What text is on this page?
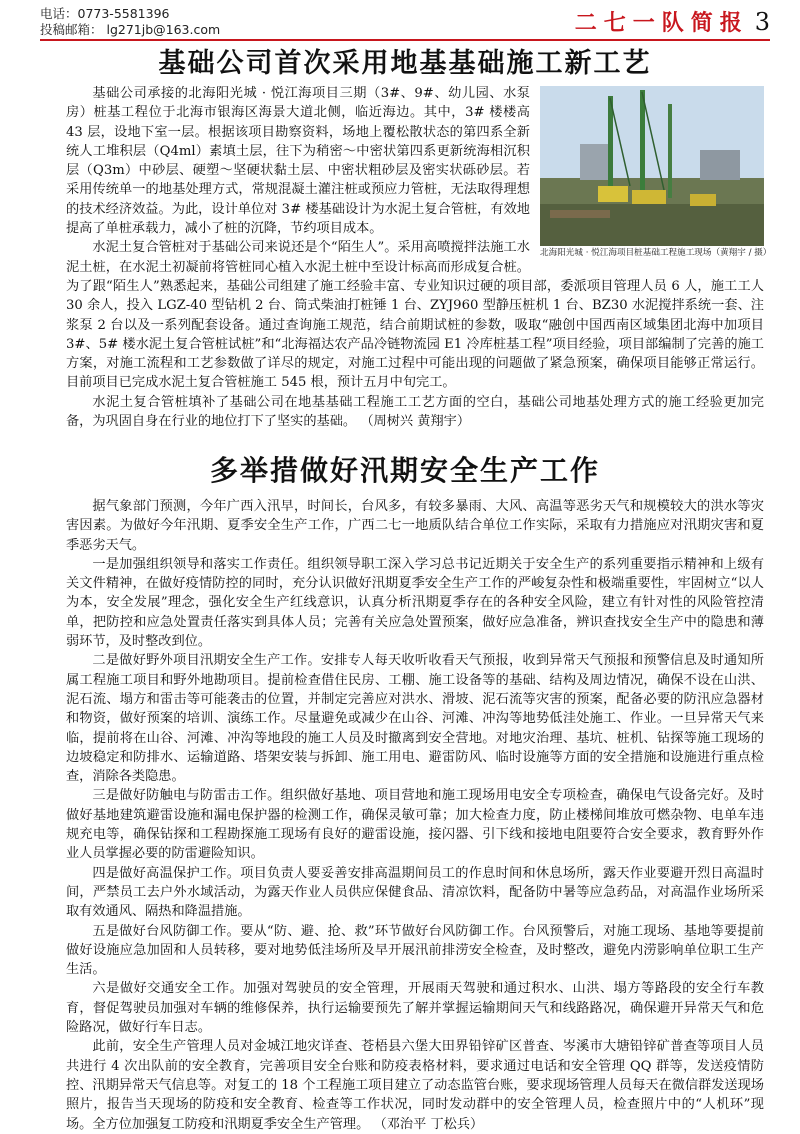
电话：0773-5581396
投稿邮箱： lg271jb@163.com	二七一队简报 3
基础公司首次采用地基基础施工新工艺
北海阳光城 · 悦江海项目桩基础工程施工现场（黄翔宇 / 摄）

基础公司承接的北海阳光城 · 悦江海项目三期（3#、9#、幼儿园、水泵房）桩基工程位于北海市银海区海景大道北侧，临近海边。其中，3# 楼楼高 43 层，设地下室一层。根据该项目勘察资料，场地上覆松散状态的第四系全新统人工堆积层（Q4ml）素填土层，往下为稍密～中密状第四系更新统海相沉积层（Q3m）中砂层、硬塑～坚硬状黏土层、中密状粗砂层及密实状砾砂层。若采用传统单一的地基处理方式，常规混凝土灌注桩或预应力管桩，无法取得理想的技术经济效益。为此，设计单位对 3# 楼基础设计为水泥土复合管桩，有效地提高了单桩承载力，减小了桩的沉降，节约项目成本。

水泥土复合管桩对于基础公司来说还是个“陌生人”。采用高喷搅拌法施工水泥土桩，在水泥土初凝前将管桩同心植入水泥土桩中至设计标高而形成复合桩。为了跟“陌生人”熟悉起来，基础公司组建了施工经验丰富、专业知识过硬的项目部，委派项目管理人员 6 人，施工工人 30 余人，投入 LGZ-40 型钻机 2 台、筒式柴油打桩锤 1 台、ZYJ960 型静压桩机 1 台、BZ30 水泥搅拌系统一套、注浆泵 2 台以及一系列配套设备。通过查询施工规范，结合前期试桩的参数，吸取“融创中国西南区域集团北海中加项目 3#、5# 楼水泥土复合管桩试桩”和“北海福达农产品冷链物流园 E1 冷库桩基工程”项目经验，项目部编制了完善的施工方案，对施工流程和工艺参数做了详尽的规定，对施工过程中可能出现的问题做了紧急预案，确保项目能够正常运行。目前项目已完成水泥土复合管桩施工 545 根，预计五月中旬完工。

水泥土复合管桩填补了基础公司在地基基础工程施工工艺方面的空白，基础公司地基处理方式的施工经验更加完备，为巩固自身在行业的地位打下了坚实的基础。 （周树兴 黄翔宇）

多举措做好汛期安全生产工作

据气象部门预测，今年广西入汛早，时间长，台风多，有较多暴雨、大风、高温等恶劣天气和规模较大的洪水等灾害因素。为做好今年汛期、夏季安全生产工作，广西二七一地质队结合单位工作实际，采取有力措施应对汛期灾害和夏季恶劣天气。

一是加强组织领导和落实工作责任。组织领导职工深入学习总书记近期关于安全生产的系列重要指示精神和上级有关文件精神，在做好疫情防控的同时，充分认识做好汛期夏季安全生产工作的严峻复杂性和极端重要性，牢固树立“以人为本，安全发展”理念，强化安全生产红线意识，认真分析汛期夏季存在的各种安全风险，建立有针对性的风险管控清单，把防控和应急处置责任落实到具体人员；完善有关应急处置预案，做好应急准备，辨识查找安全生产中的隐患和薄弱环节，及时整改到位。

二是做好野外项目汛期安全生产工作。安排专人每天收听收看天气预报，收到异常天气预报和预警信息及时通知所属工程施工项目和野外地勘项目。提前检查借住民房、工棚、施工设备等的基础、结构及周边情况，确保不设在山洪、泥石流、塌方和雷击等可能袭击的位置，并制定完善应对洪水、滑坡、泥石流等灾害的预案，配备必要的防汛应急器材和物资，做好预案的培训、演练工作。尽量避免或减少在山谷、河滩、冲沟等地势低洼处施工、作业。一旦异常天气来临，提前将在山谷、河滩、冲沟等地段的施工人员及时撤离到安全营地。对地灾治理、基坑、桩机、钻探等施工现场的边坡稳定和防排水、运输道路、塔架安装与拆卸、施工用电、避雷防风、临时设施等方面的安全措施和设施进行重点检查，消除各类隐患。

三是做好防触电与防雷击工作。组织做好基地、项目营地和施工现场用电安全专项检查，确保电气设备完好。及时做好基地建筑避雷设施和漏电保护器的检测工作，确保灵敏可靠；加大检查力度，防止楼梯间堆放可燃杂物、电单车违规充电等，确保钻探和工程勘探施工现场有良好的避雷设施，接闪器、引下线和接地电阻要符合安全要求，教育野外作业人员掌握必要的防雷避险知识。

四是做好高温保护工作。项目负责人要妥善安排高温期间员工的作息时间和休息场所，露天作业要避开烈日高温时间，严禁员工去户外水域活动，为露天作业人员供应保健食品、清凉饮料，配备防中暑等应急药品，对高温作业场所采取有效通风、隔热和降温措施。

五是做好台风防御工作。要从“防、避、抢、救”环节做好台风防御工作。台风预警后，对施工现场、基地等要提前做好设施应急加固和人员转移，要对地势低洼场所及早开展汛前排涝安全检查，及时整改，避免内涝影响单位职工生产生活。

六是做好交通安全工作。加强对驾驶员的安全管理，开展雨天驾驶和通过积水、山洪、塌方等路段的安全行车教育，督促驾驶员加强对车辆的维修保养，执行运输要预先了解并掌握运输期间天气和线路路况，确保避开异常天气和危险路况，做好行车日志。

此前，安全生产管理人员对金城江地灾详查、苍梧县六堡大田界铅锌矿区普查、岑溪市大塘铅锌矿普查等项目人员共进行 4 次出队前的安全教育，完善项目安全台账和防疫表格材料，要求通过电话和安全管理 QQ 群等，发送疫情防控、汛期异常天气信息等。对复工的 18 个工程施工项目建立了动态监管台账，要求现场管理人员每天在微信群发送现场照片，报告当天现场的防疫和安全教育、检查等工作状况，同时发动群中的安全管理人员，检查照片中的“人机环”现场。全方位加强复工防疫和汛期夏季安全生产管理。 （邓治平 丁松兵）
